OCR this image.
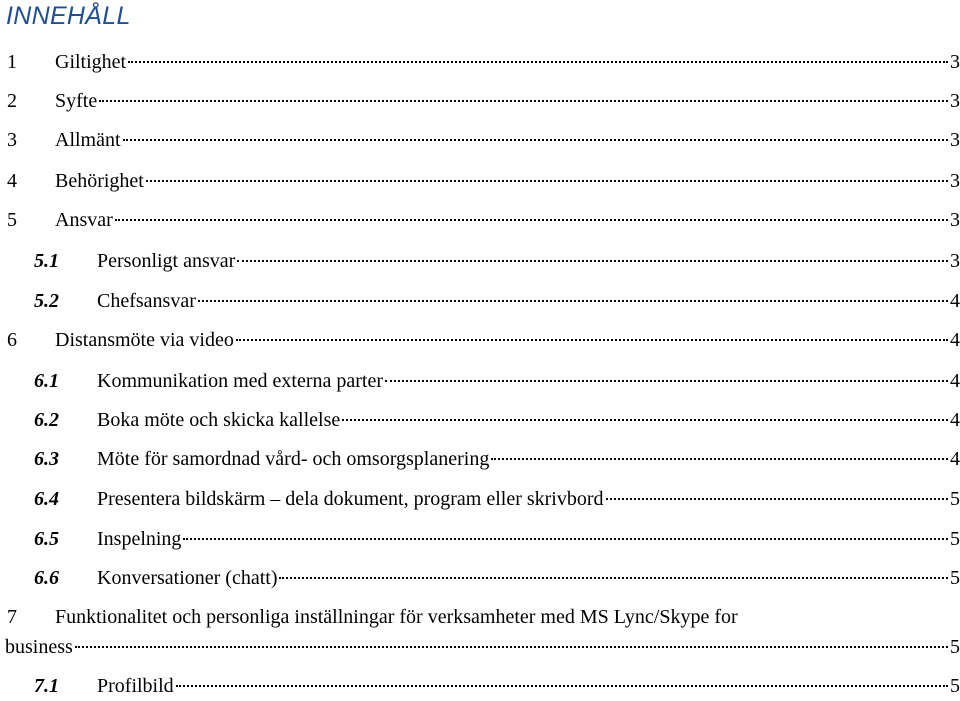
INNEHÅLL
1 Giltighet	3
2 Syfte	3
3 Allmänt	3
4 Behörighet	3
5 Ansvar	3
5.1 Personligt ansvar	3
5.2 Chefsansvar	4
6 Distansmöte via video	4
6.1 Kommunikation med externa parter	4
6.2 Boka möte och skicka kallelse	4
6.3 Möte för samordnad vård- och omsorgsplanering	4
6.4 Presentera bildskärm – dela dokument, program eller skrivbord	5
6.5 Inspelning	5
6.6 Konversationer (chatt)	5
7 Funktionalitet och personliga inställningar för verksamheter med MS Lync/Skype for
business	5
7.1 Profilbild	5
